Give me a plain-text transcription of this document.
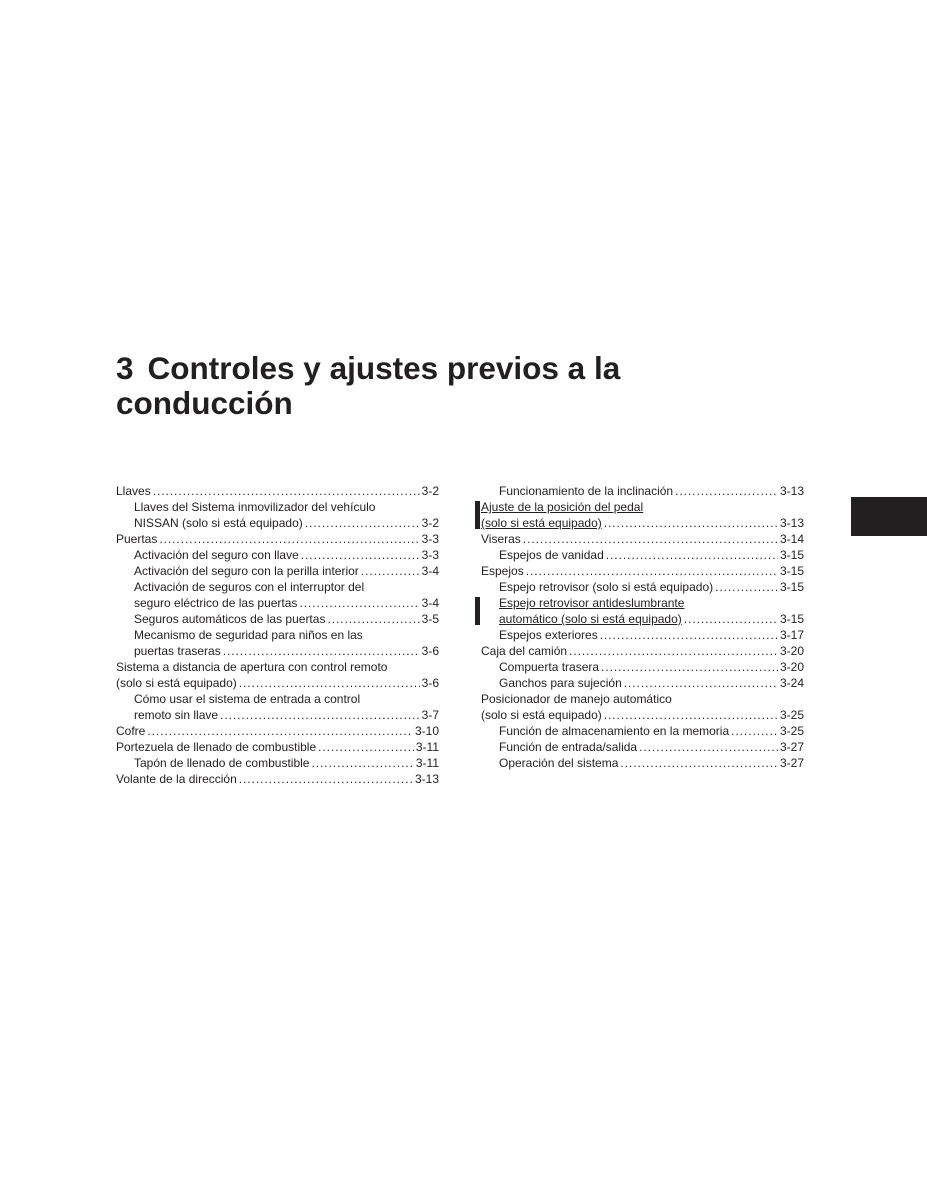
3 Controles y ajustes previos a la
conducción
Llaves . . .	3-2
Llaves del Sistema inmovilizador del vehículo
NISSAN (solo si está equipado) . . .	3-2
Puertas . . .	3-3
Activación del seguro con llave . . .	3-3
Activación del seguro con la perilla interior . . .	3-4
Activación de seguros con el interruptor del
seguro eléctrico de las puertas . . .	3-4
Seguros automáticos de las puertas . . .	3-5
Mecanismo de seguridad para niños en las
puertas traseras . . .	3-6
Sistema a distancia de apertura con control remoto
(solo si está equipado) . . .	3-6
Cómo usar el sistema de entrada a control
remoto sin llave . . .	3-7
Cofre . . .	3-10
Portezuela de llenado de combustible . . .	3-11
Tapón de llenado de combustible . . .	3-11
Volante de la dirección . . .	3-13
Funcionamiento de la inclinación . . .	3-13
Ajuste de la posición del pedal
(solo si está equipado) . . .	3-13
Viseras . . .	3-14
Espejos de vanidad . . .	3-15
Espejos . . .	3-15
Espejo retrovisor (solo si está equipado) . . .	3-15
Espejo retrovisor antideslumbrante
automático (solo si está equipado) . . .	3-15
Espejos exteriores . . .	3-17
Caja del camión . . .	3-20
Compuerta trasera . . .	3-20
Ganchos para sujeción . . .	3-24
Posicionador de manejo automático
(solo si está equipado) . . .	3-25
Función de almacenamiento en la memoria . . .	3-25
Función de entrada/salida . . .	3-27
Operación del sistema . . .	3-27
